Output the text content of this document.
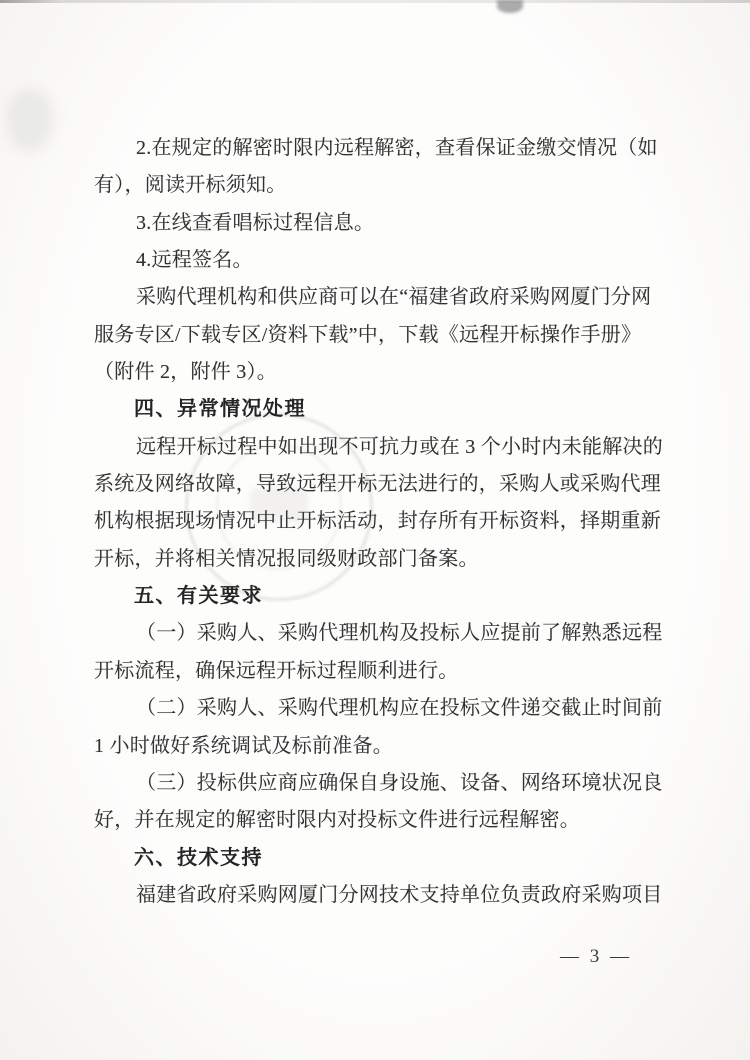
2.在规定的解密时限内远程解密，查看保证金缴交情况（如
有），阅读开标须知。
3.在线查看唱标过程信息。
4.远程签名。
采购代理机构和供应商可以在“福建省政府采购网厦门分网
服务专区/下载专区/资料下载”中，下载《远程开标操作手册》
（附件 2，附件 3）。
四、异常情况处理
远程开标过程中如出现不可抗力或在 3 个小时内未能解决的
系统及网络故障，导致远程开标无法进行的，采购人或采购代理
机构根据现场情况中止开标活动，封存所有开标资料，择期重新
开标，并将相关情况报同级财政部门备案。
五、有关要求
（一）采购人、采购代理机构及投标人应提前了解熟悉远程
开标流程，确保远程开标过程顺利进行。
（二）采购人、采购代理机构应在投标文件递交截止时间前
1 小时做好系统调试及标前准备。
（三）投标供应商应确保自身设施、设备、网络环境状况良
好，并在规定的解密时限内对投标文件进行远程解密。
六、技术支持
福建省政府采购网厦门分网技术支持单位负责政府采购项目
— 3 —
